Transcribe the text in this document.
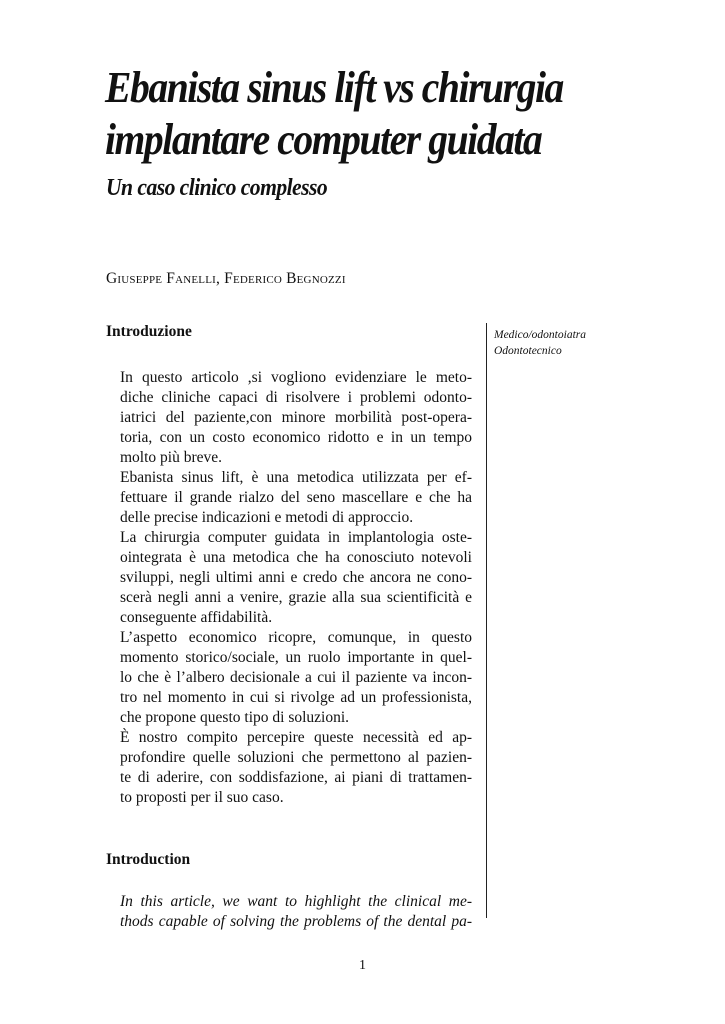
Ebanista sinus lift vs chirurgia
implantare computer guidata
Un caso clinico complesso
Giuseppe Fanelli, Federico Begnozzi
Introduzione
In questo articolo ,si vogliono evidenziare le meto-
diche cliniche capaci di risolvere i problemi odonto-
iatrici del paziente,con minore morbilità post-opera-
toria, con un costo economico ridotto e in un tempo
molto più breve.
Ebanista sinus lift, è una metodica utilizzata per ef-
fettuare il grande rialzo del seno mascellare e che ha
delle precise indicazioni e metodi di approccio.
La chirurgia computer guidata in implantologia oste-
ointegrata è una metodica che ha conosciuto notevoli
sviluppi, negli ultimi anni e credo che ancora ne cono-
scerà negli anni a venire, grazie alla sua scientificità e
conseguente affidabilità.
L’aspetto economico ricopre, comunque, in questo
momento storico/sociale, un ruolo importante in quel-
lo che è l’albero decisionale a cui il paziente va incon-
tro nel momento in cui si rivolge ad un professionista,
che propone questo tipo di soluzioni.
È nostro compito percepire queste necessità ed ap-
profondire quelle soluzioni che permettono al pazien-
te di aderire, con soddisfazione, ai piani di trattamen-
to proposti per il suo caso.
Introduction
In this article, we want to highlight the clinical me-
thods capable of solving the problems of the dental pa-
Medico/odontoiatra
Odontotecnico
1
